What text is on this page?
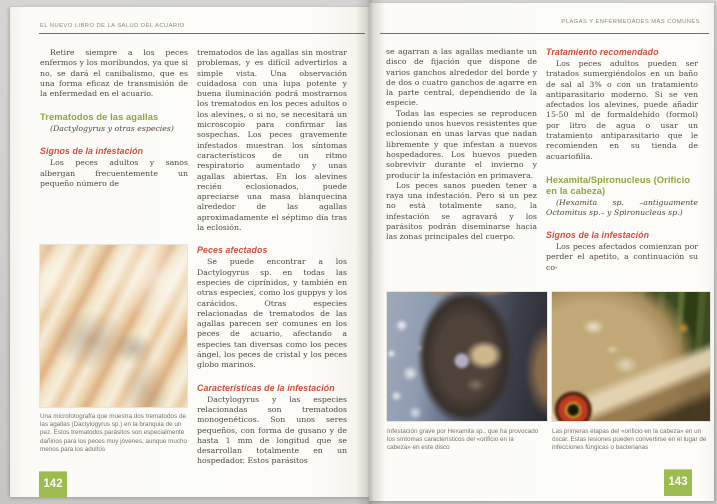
EL NUEVO LIBRO DE LA SALUD DEL ACUARIO

Retire siempre a los peces enfermos y los moribundos, ya que si no, se dará el canibalismo, que es una forma eficaz de transmisión de la enfermedad en el acuario.

Trematodos de las agallas

(Dactylogyrus y otras especies)

Signos de la infestación

Los peces adultos y sanos albergan frecuentemente un pequeño número de

trematodos de las agallas sin mostrar problemas, y es difícil advertirlos a simple vista. Una observación cuidadosa con una lupa potente y buena iluminación podrá mostrarnos los trematodos en los peces adultos o los alevines, o si no, se necesitará un microscopio para confirmar las sospechas. Los peces gravemente infestados muestran los síntomas característicos de un ritmo respiratorio aumentado y unas agallas abiertas. En los alevines recién eclosionados, puede apreciarse una masa blanquecina alrededor de las agallas aproximadamente el séptimo día tras la eclosión.

Peces afectados

Se puede encontrar a los Dactylogyrus sp. en todas las especies de ciprínidos, y también en otras especies, como los guppys y los carácidos. Otras especies relacionadas de trematodos de las agallas parecen ser comunes en los peces de acuario, afectando a especies tan diversas como los peces ángel, los peces de cristal y los peces globo marinos.

Características de la infestación

Dactylogyrus y las especies relacionadas son trematodos monogenéticos. Son unos seres pequeños, con forma de gusano y de hasta 1 mm de longitud que se desarrollan totalmente en un hospedador. Estos parásitos

Una microfotografía que muestra dos trematodos de las agallas (Dactylogyrus sp.) en la branquia de un pez. Estos trematodos parásitos son especialmente dañinos para los peces muy jóvenes, aunque mucho menos para los adultos

142
PLAGAS Y ENFERMEDADES MÁS COMUNES

se agarran a las agallas mediante un disco de fijación que dispone de varios ganchos alrededor del borde y de dos o cuatro ganchos de agarre en la parte central, dependiendo de la especie.

Todas las especies se reproducen poniendo unos huevos resistentes que eclosionan en unas larvas que nadan libremente y que infestan a nuevos hospedadores. Los huevos pueden sobrevivir durante el invierno y producir la infestación en primavera.

Los peces sanos pueden tener a raya una infestación. Pero si un pez no está totalmente sano, la infestación se agravará y los parásitos podrán diseminarse hacia las zonas principales del cuerpo.

Tratamiento recomendado

Los peces adultos pueden ser tratados sumergiéndolos en un baño de sal al 3% o con un tratamiento antiparasitario moderno. Si se ven afectados los alevines, puede añadir 15-50 ml de formaldehído (formol) por litro de agua o usar un tratamiento antiparasitario que le recomienden en su tienda de acuariofilia.

Hexamita/Spironucleus (Orificio en la cabeza)

(Hexamita sp. –antiguamente Octomitus sp.– y Spironucleus sp.)

Signos de la infestación

Los peces afectados comienzan por perder el apetito, a continuación su co-

Infestación grave por Hexamita sp., que ha provocado los síntomas característicos del «orificio en la cabeza» en este disco

Las primeras etapas del «orificio en la cabeza» en un óscar. Estas lesiones pueden convertirse en el lugar de infecciones fúngicas o bacterianas

143
